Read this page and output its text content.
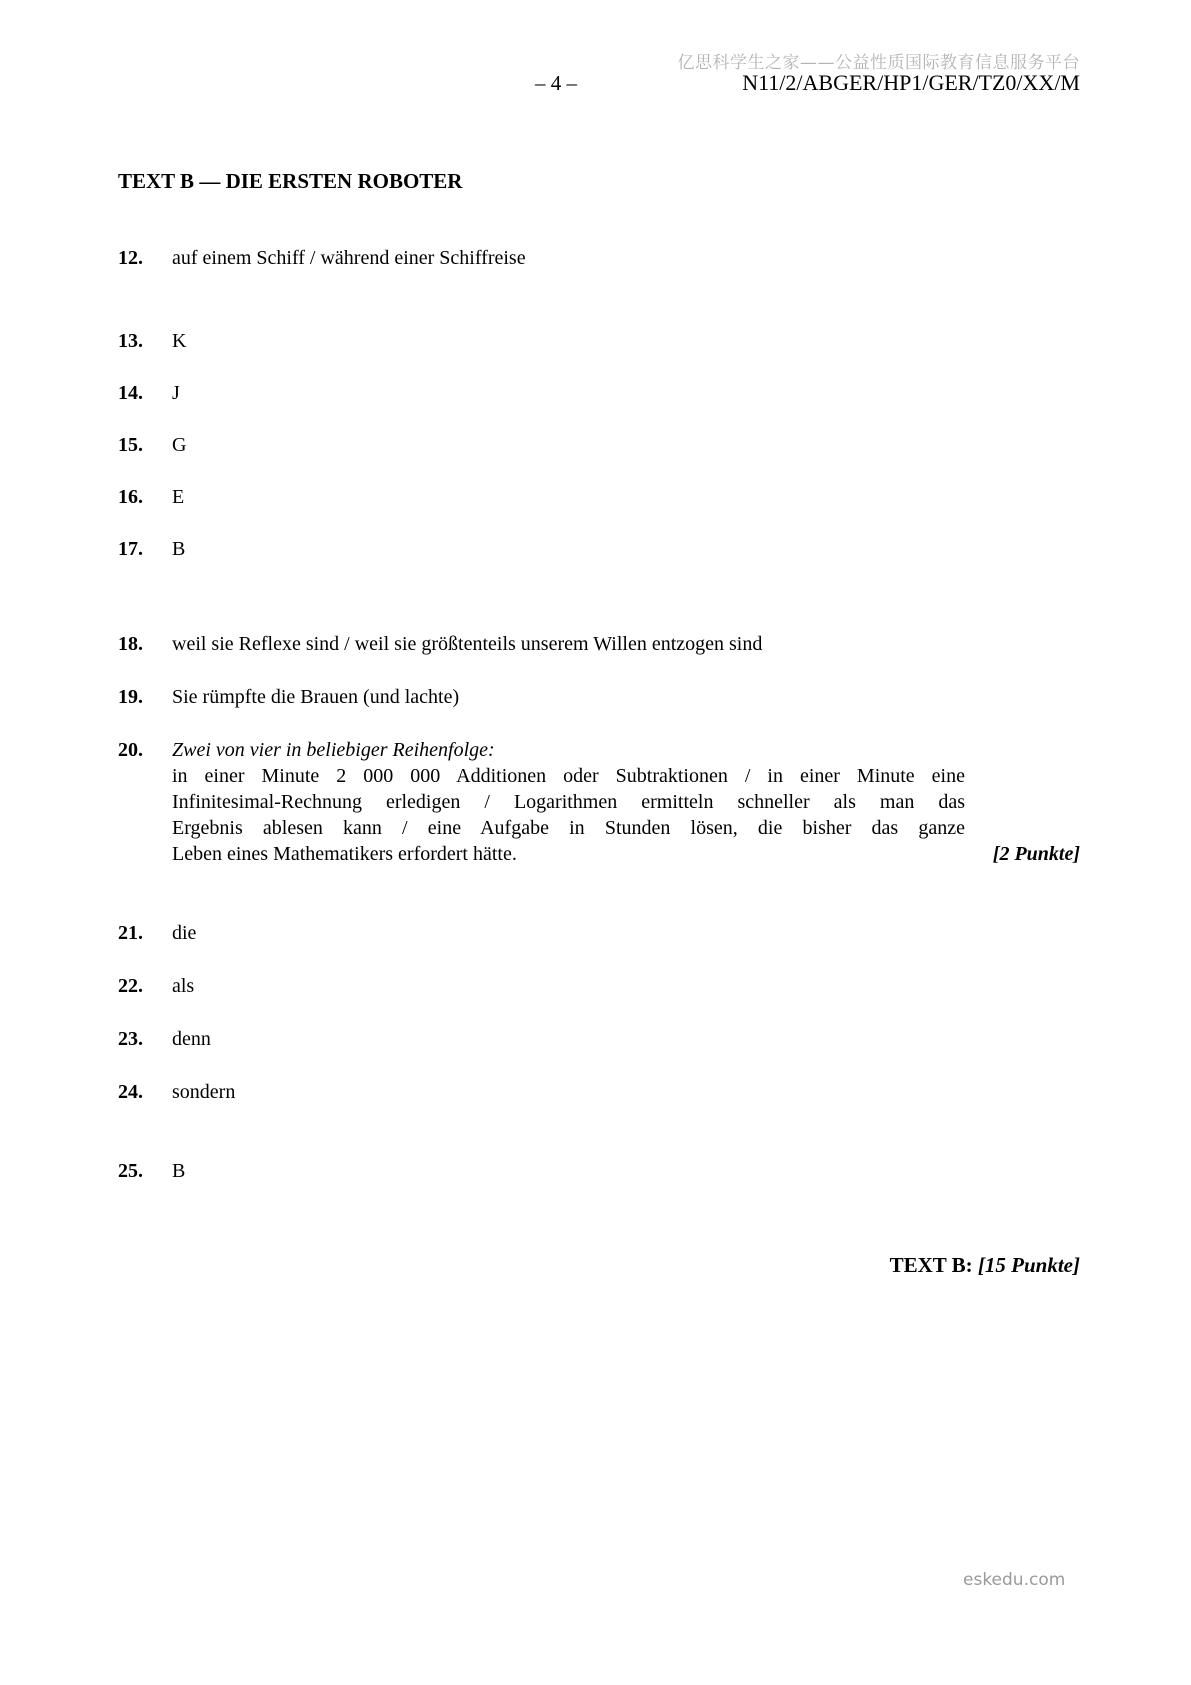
亿思科学生之家——公益性质国际教育信息服务平台
– 4 –	N11/2/ABGER/HP1/GER/TZ0/XX/M
TEXT B — DIE ERSTEN ROBOTER
12. auf einem Schiff / während einer Schiffreise
13. K
14. J
15. G
16. E
17. B
18. weil sie Reflexe sind / weil sie größtenteils unserem Willen entzogen sind
19. Sie rümpfte die Brauen (und lachte)
20. Zwei von vier in beliebiger Reihenfolge:
in einer Minute 2 000 000 Additionen oder Subtraktionen / in einer Minute eine
Infinitesimal-Rechnung erledigen / Logarithmen ermitteln schneller als man das
Ergebnis ablesen kann / eine Aufgabe in Stunden lösen, die bisher das ganze
Leben eines Mathematikers erfordert hätte.	[2 Punkte]
21. die
22. als
23. denn
24. sondern
25. B
TEXT B: [15 Punkte]
eskedu.com
